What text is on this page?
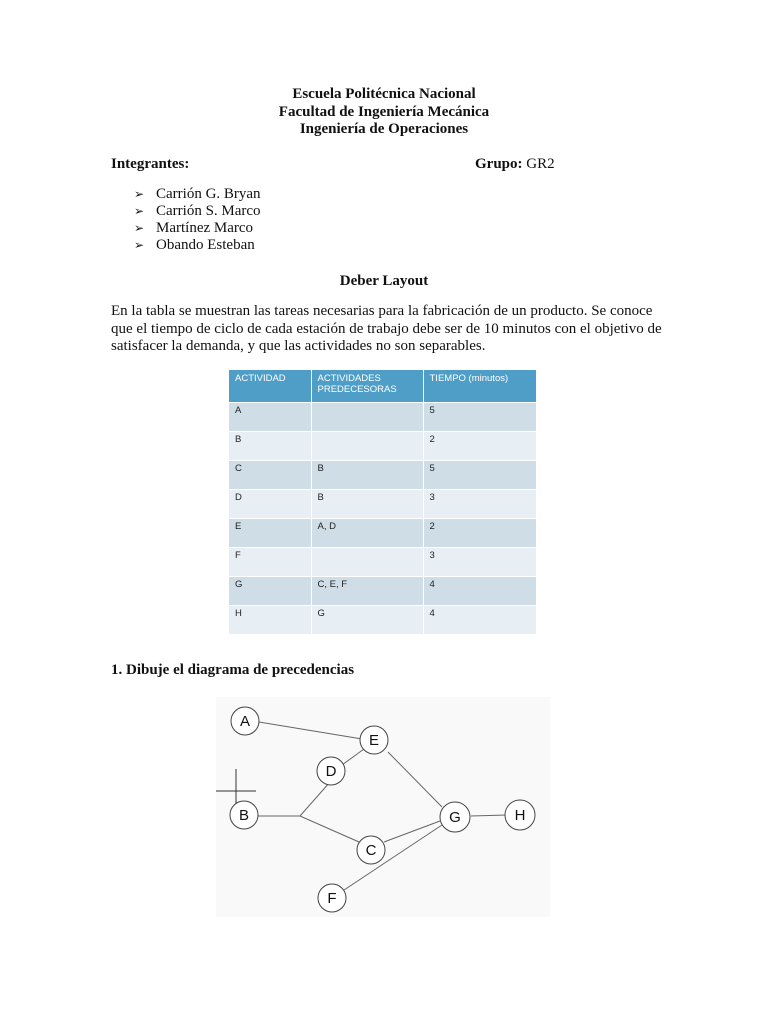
Escuela Politécnica Nacional
Facultad de Ingeniería Mecánica
Ingeniería de Operaciones
Integrantes:	Grupo: GR2
➢ Carrión G. Bryan
➢ Carrión S. Marco
➢ Martínez Marco
➢ Obando Esteban
Deber Layout
En la tabla se muestran las tareas necesarias para la fabricación de un producto. Se conoce que el tiempo de ciclo de cada estación de trabajo debe ser de 10 minutos con el objetivo de satisfacer la demanda, y que las actividades no son separables.
ACTIVIDAD	ACTIVIDADES PREDECESORAS	TIEMPO (minutos)
A		5
B		2
C	B	5
D	B	3
E	A, D	2
F		3
G	C, E, F	4
H	G	4
1. Dibuje el diagrama de precedencias
A
B
C
D
E
F
G	H
